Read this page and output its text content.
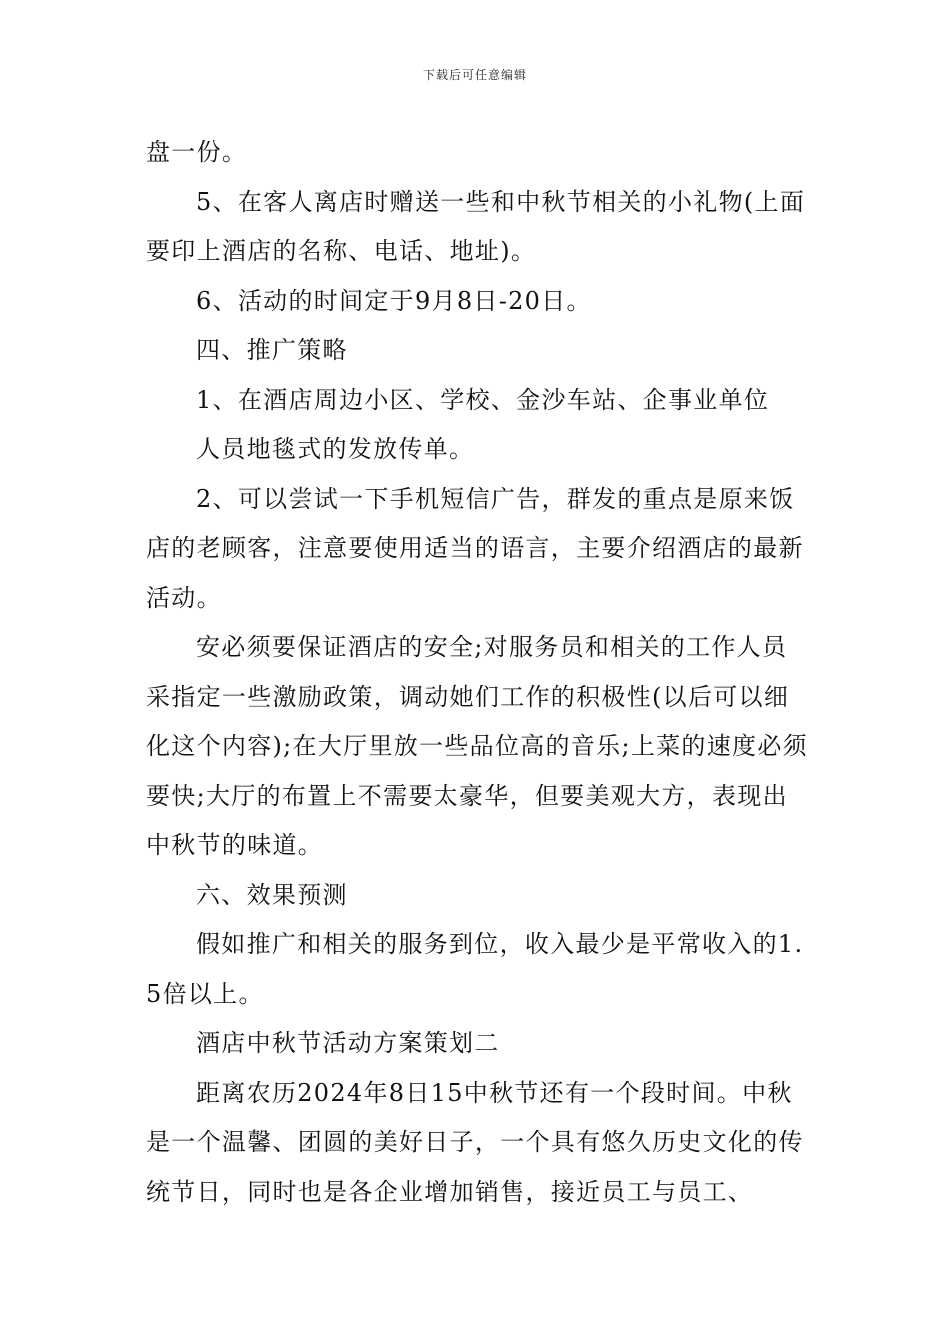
下载后可任意编辑

盘一份。

5、在客人离店时赠送一些和中秋节相关的小礼物(上面要印上酒店的名称、电话、地址)。

6、活动的时间定于9月8日-20日。

四、推广策略

1、在酒店周边小区、学校、金沙车站、企事业单位

人员地毯式的发放传单。

2、可以尝试一下手机短信广告，群发的重点是原来饭店的老顾客，注意要使用适当的语言，主要介绍酒店的最新活动。

安必须要保证酒店的安全;对服务员和相关的工作人员采指定一些激励政策，调动她们工作的积极性(以后可以细化这个内容);在大厅里放一些品位高的音乐;上菜的速度必须要快;大厅的布置上不需要太豪华，但要美观大方，表现出中秋节的味道。

六、效果预测

假如推广和相关的服务到位，收入最少是平常收入的1.5倍以上。

酒店中秋节活动方案策划二

距离农历2024年8日15中秋节还有一个段时间。中秋是一个温馨、团圆的美好日子，一个具有悠久历史文化的传统节日，同时也是各企业增加销售，接近员工与员工、
